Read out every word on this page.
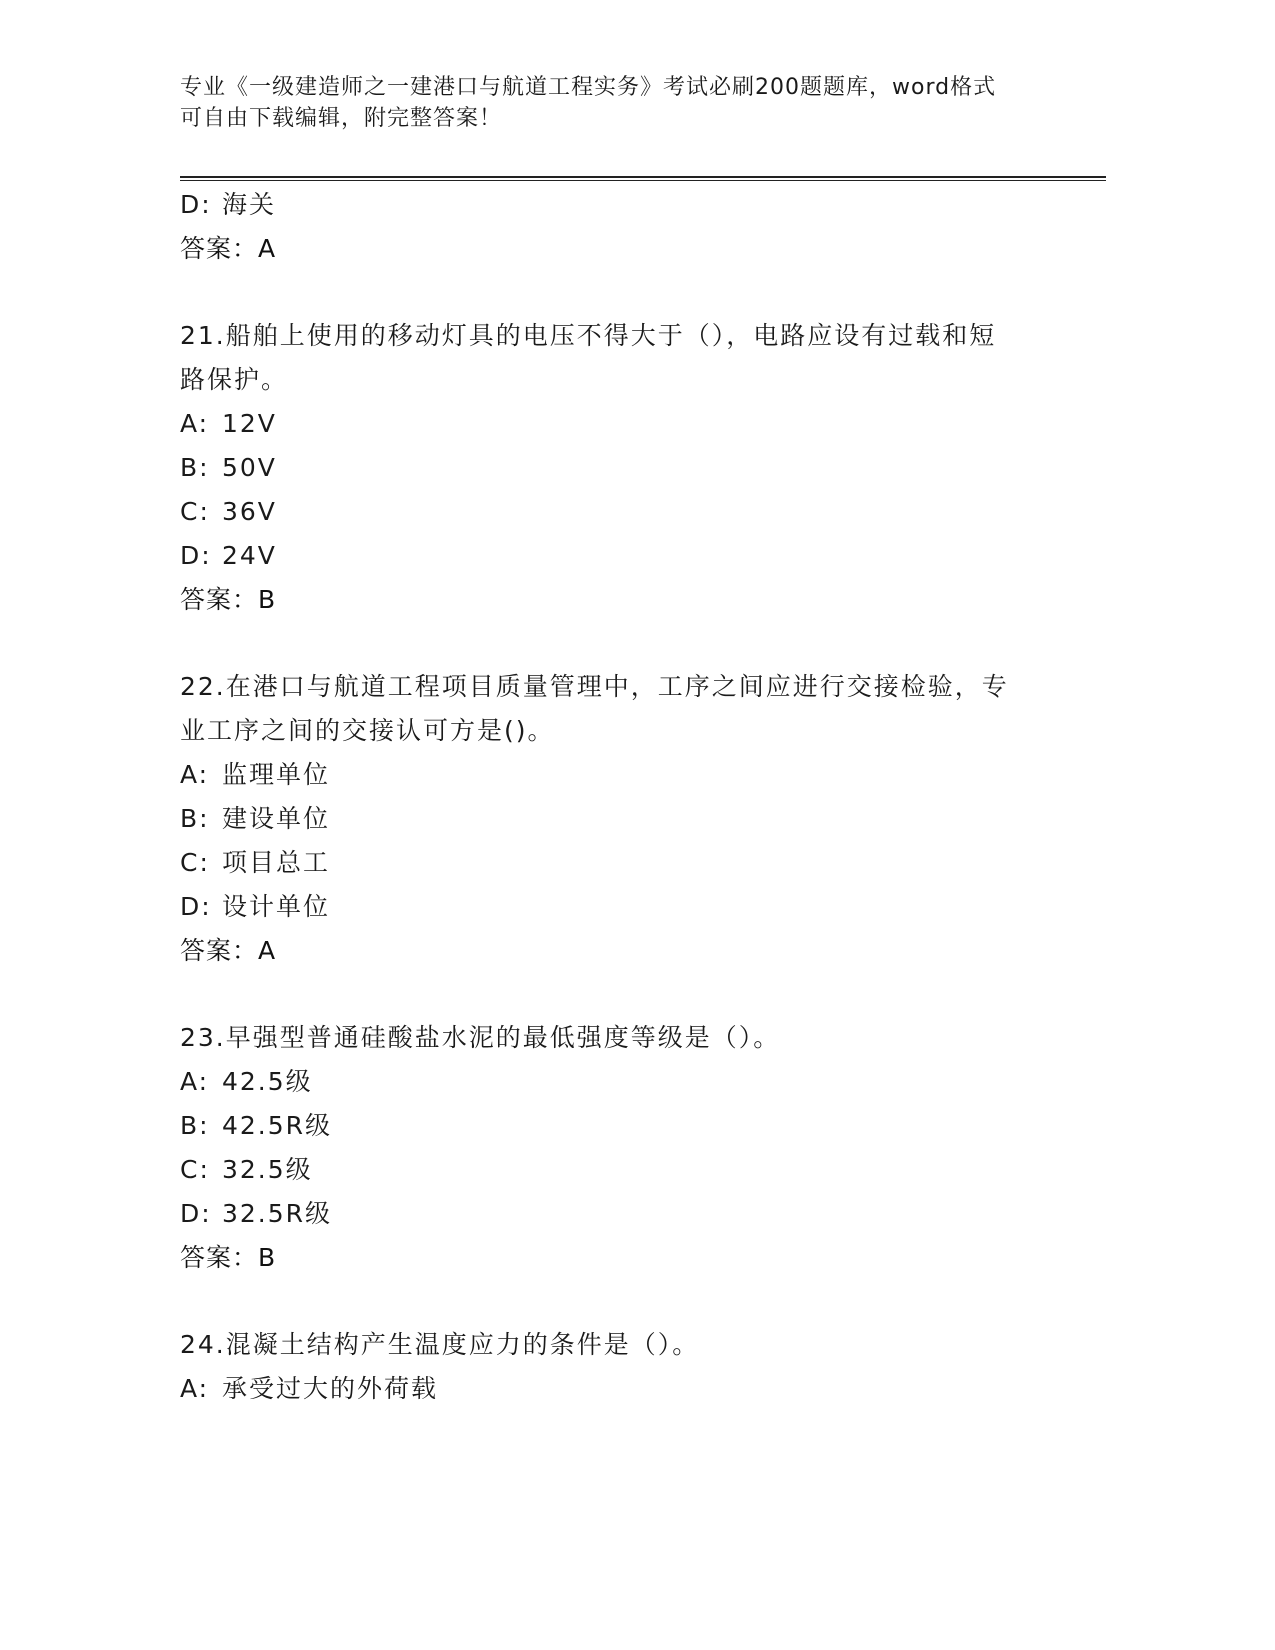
专业《一级建造师之一建港口与航道工程实务》考试必刷200题题库，word格式
可自由下载编辑，附完整答案！
D: 海关
答案：A
21.船舶上使用的移动灯具的电压不得大于（），电路应设有过载和短
路保护。
A: 12V
B: 50V
C: 36V
D: 24V
答案：B
22.在港口与航道工程项目质量管理中，工序之间应进行交接检验，专
业工序之间的交接认可方是()。
A: 监理单位
B: 建设单位
C: 项目总工
D: 设计单位
答案：A
23.早强型普通硅酸盐水泥的最低强度等级是（）。
A: 42.5级
B: 42.5R级
C: 32.5级
D: 32.5R级
答案：B
24.混凝土结构产生温度应力的条件是（）。
A: 承受过大的外荷载
